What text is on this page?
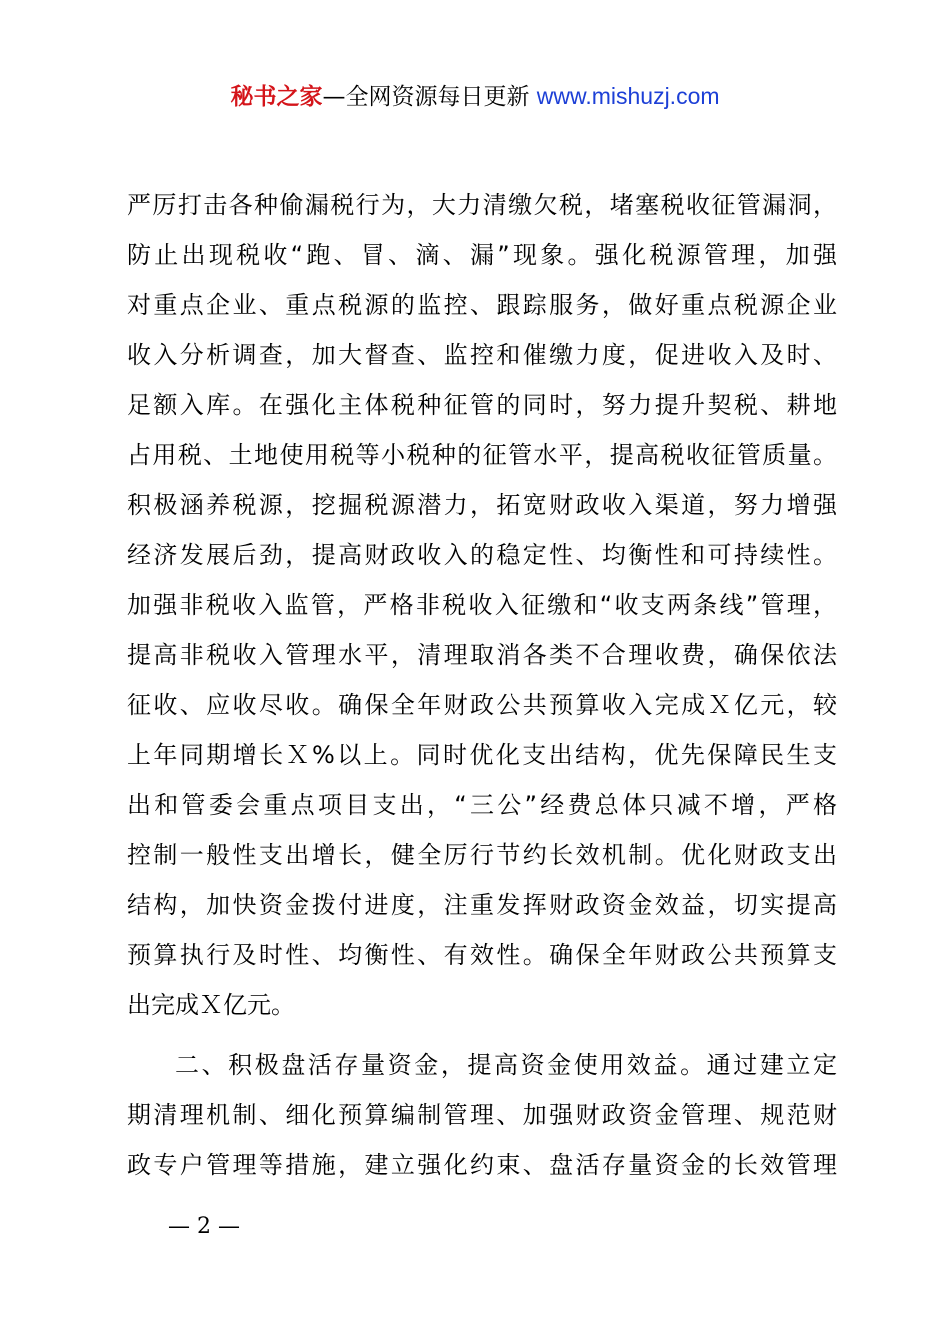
秘书之家—全网资源每日更新 www.mishuzj.com
严厉打击各种偷漏税行为，大力清缴欠税，堵塞税收征管漏洞，
防止出现税收“跑、冒、滴、漏”现象。强化税源管理，加强
对重点企业、重点税源的监控、跟踪服务，做好重点税源企业
收入分析调查，加大督查、监控和催缴力度，促进收入及时、
足额入库。在强化主体税种征管的同时，努力提升契税、耕地
占用税、土地使用税等小税种的征管水平，提高税收征管质量。
积极涵养税源，挖掘税源潜力，拓宽财政收入渠道，努力增强
经济发展后劲，提高财政收入的稳定性、均衡性和可持续性。
加强非税收入监管，严格非税收入征缴和“收支两条线”管理，
提高非税收入管理水平，清理取消各类不合理收费，确保依法
征收、应收尽收。确保全年财政公共预算收入完成Ｘ亿元，较
上年同期增长Ｘ%以上。同时优化支出结构，优先保障民生支
出和管委会重点项目支出，“三公”经费总体只减不增，严格
控制一般性支出增长，健全厉行节约长效机制。优化财政支出
结构，加快资金拨付进度，注重发挥财政资金效益，切实提高
预算执行及时性、均衡性、有效性。确保全年财政公共预算支
出完成Ｘ亿元。
二、积极盘活存量资金，提高资金使用效益。通过建立定
期清理机制、细化预算编制管理、加强财政资金管理、规范财
政专户管理等措施，建立强化约束、盘活存量资金的长效管理
— 2 —
